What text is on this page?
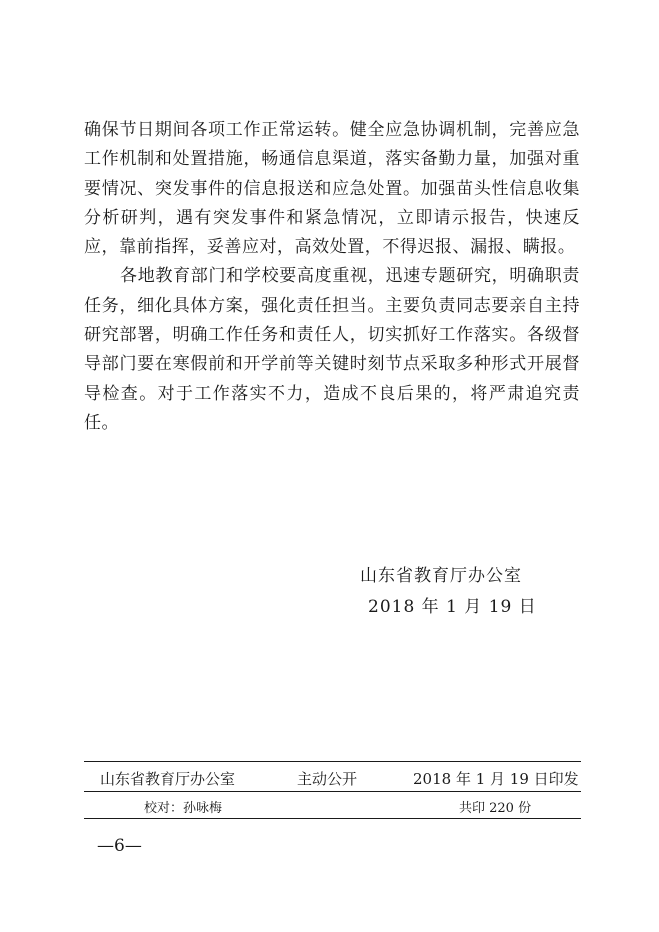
确保节日期间各项工作正常运转。健全应急协调机制，完善应急工作机制和处置措施，畅通信息渠道，落实备勤力量，加强对重要情况、突发事件的信息报送和应急处置。加强苗头性信息收集分析研判，遇有突发事件和紧急情况，立即请示报告，快速反应，靠前指挥，妥善应对，高效处置，不得迟报、漏报、瞒报。

各地教育部门和学校要高度重视，迅速专题研究，明确职责任务，细化具体方案，强化责任担当。主要负责同志要亲自主持研究部署，明确工作任务和责任人，切实抓好工作落实。各级督导部门要在寒假前和开学前等关键时刻节点采取多种形式开展督导检查。对于工作落实不力，造成不良后果的，将严肃追究责任。

山东省教育厅办公室
2018 年 1 月 19 日
山东省教育厅办公室	主动公开	2018 年 1 月 19 日印发
校对：孙咏梅	共印 220 份
—6—
